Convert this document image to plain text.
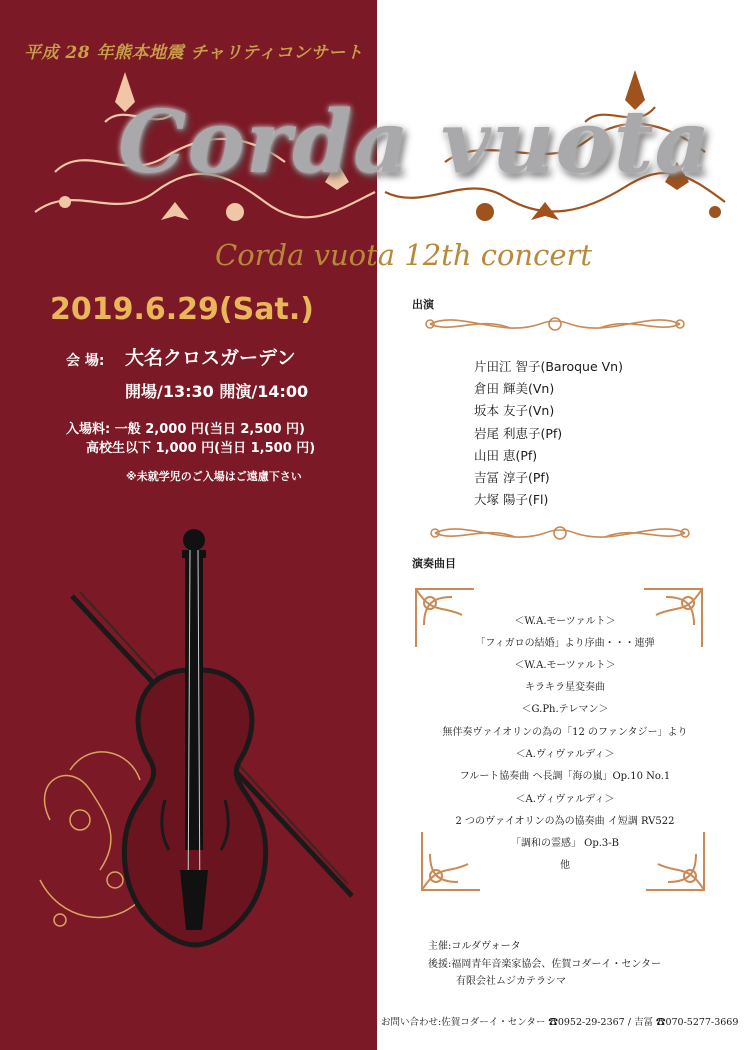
平成 28 年熊本地震 チャリティコンサート
Corda vuota
Corda vuota 12th concert
2019.6.29(Sat.)
会 場: 大名クロスガーデン
開場/13:30 開演/14:00
入場料: 一般 2,000 円(当日 2,500 円)
高校生以下 1,000 円(当日 1,500 円)
※未就学児のご入場はご遠慮下さい
出演
片田江 智子(Baroque Vn)
倉田 輝美(Vn)
坂本 友子(Vn)
岩尾 利恵子(Pf)
山田 恵(Pf)
吉冨 淳子(Pf)
大塚 陽子(Fl)
演奏曲目
＜W.A.モーツァルト＞
「フィガロの結婚」より序曲・・・連弾
＜W.A.モーツァルト＞
キラキラ星変奏曲
＜G.Ph.テレマン＞
無伴奏ヴァイオリンの為の「12 のファンタジー」より
＜A.ヴィヴァルディ＞
フルート協奏曲 ヘ長調「海の嵐」Op.10 No.1
＜A.ヴィヴァルディ＞
2 つのヴァイオリンの為の協奏曲 イ短調 RV522
「調和の霊感」 Op.3-B
他
主催:コルダヴォータ
後援:福岡青年音楽家協会、佐賀コダーイ・センター
有限会社ムジカテラシマ
お問い合わせ:佐賀コダーイ・センター ☎0952-29-2367 / 吉冨 ☎070-5277-3669
